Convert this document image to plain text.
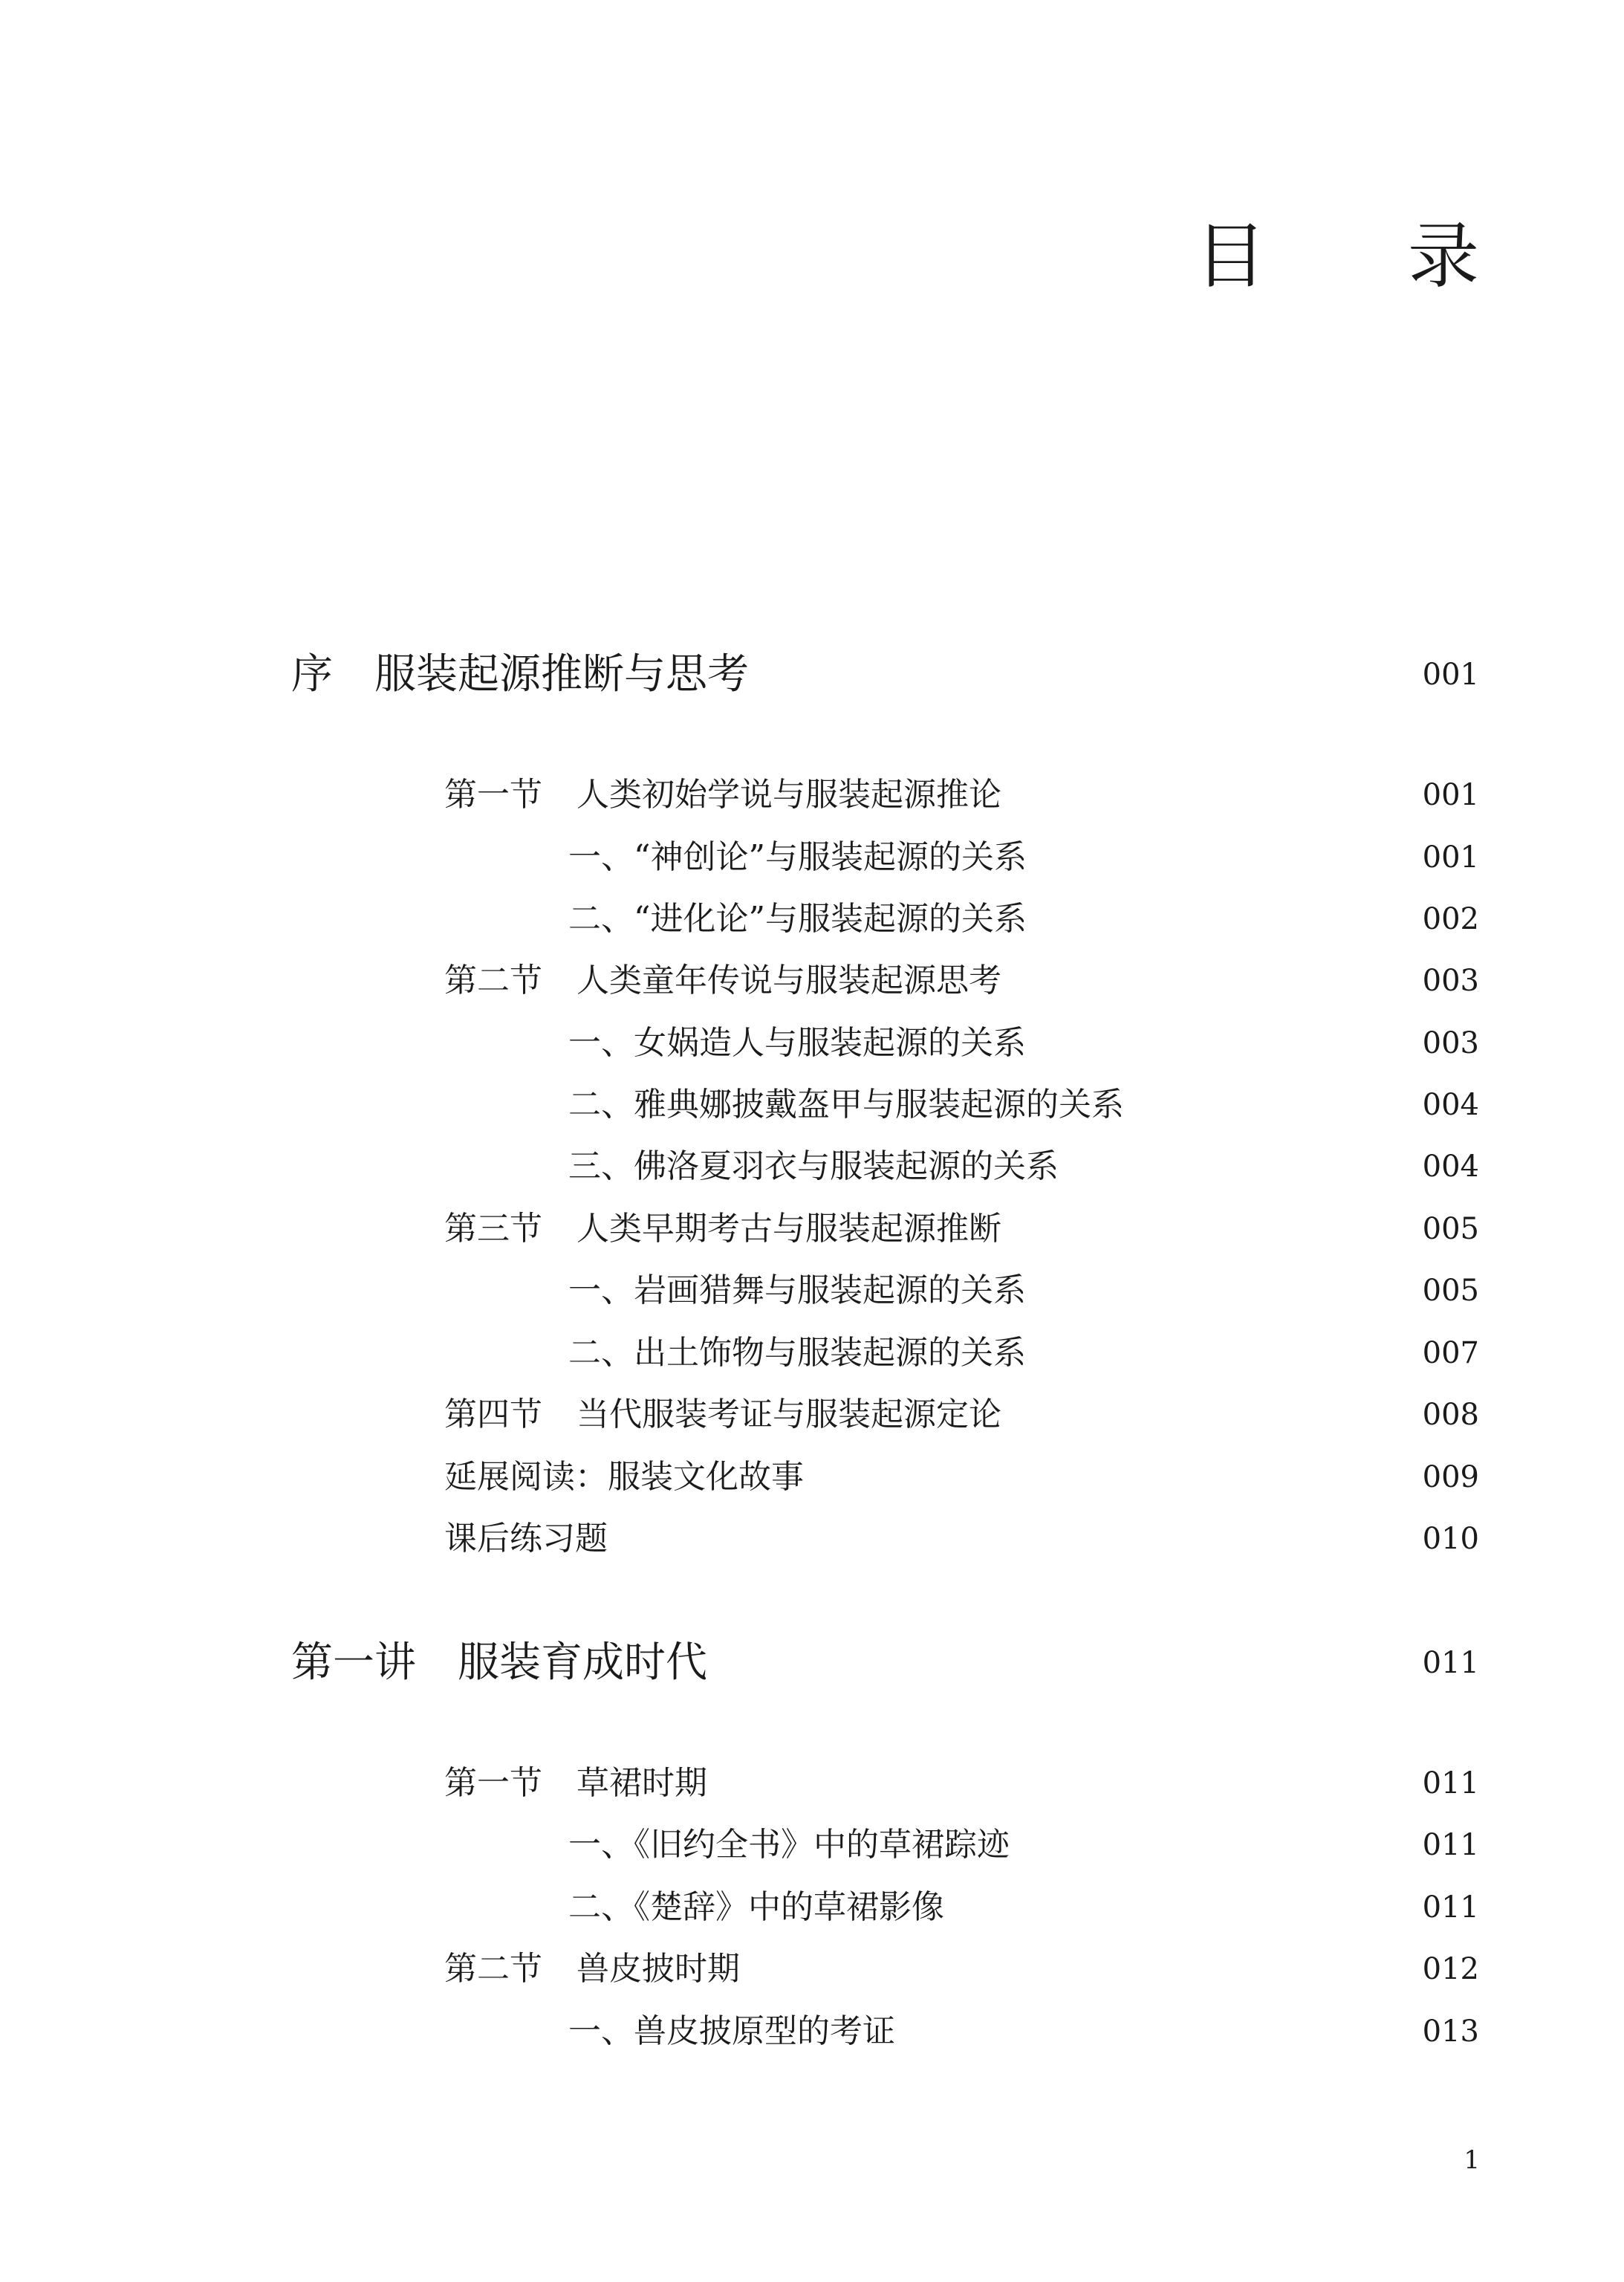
目 录
序 服装起源推断与思考	001
第一节 人类初始学说与服装起源推论	001
一、“神创论”与服装起源的关系	001
二、“进化论”与服装起源的关系	002
第二节 人类童年传说与服装起源思考	003
一、女娲造人与服装起源的关系	003
二、雅典娜披戴盔甲与服装起源的关系	004
三、佛洛夏羽衣与服装起源的关系	004
第三节 人类早期考古与服装起源推断	005
一、岩画猎舞与服装起源的关系	005
二、出土饰物与服装起源的关系	007
第四节 当代服装考证与服装起源定论	008
延展阅读：服装文化故事	009
课后练习题	010
第一讲 服装育成时代	011
第一节 草裙时期	011
一、《旧约全书》中的草裙踪迹	011
二、《楚辞》中的草裙影像	011
第二节 兽皮披时期	012
一、兽皮披原型的考证	013
1
